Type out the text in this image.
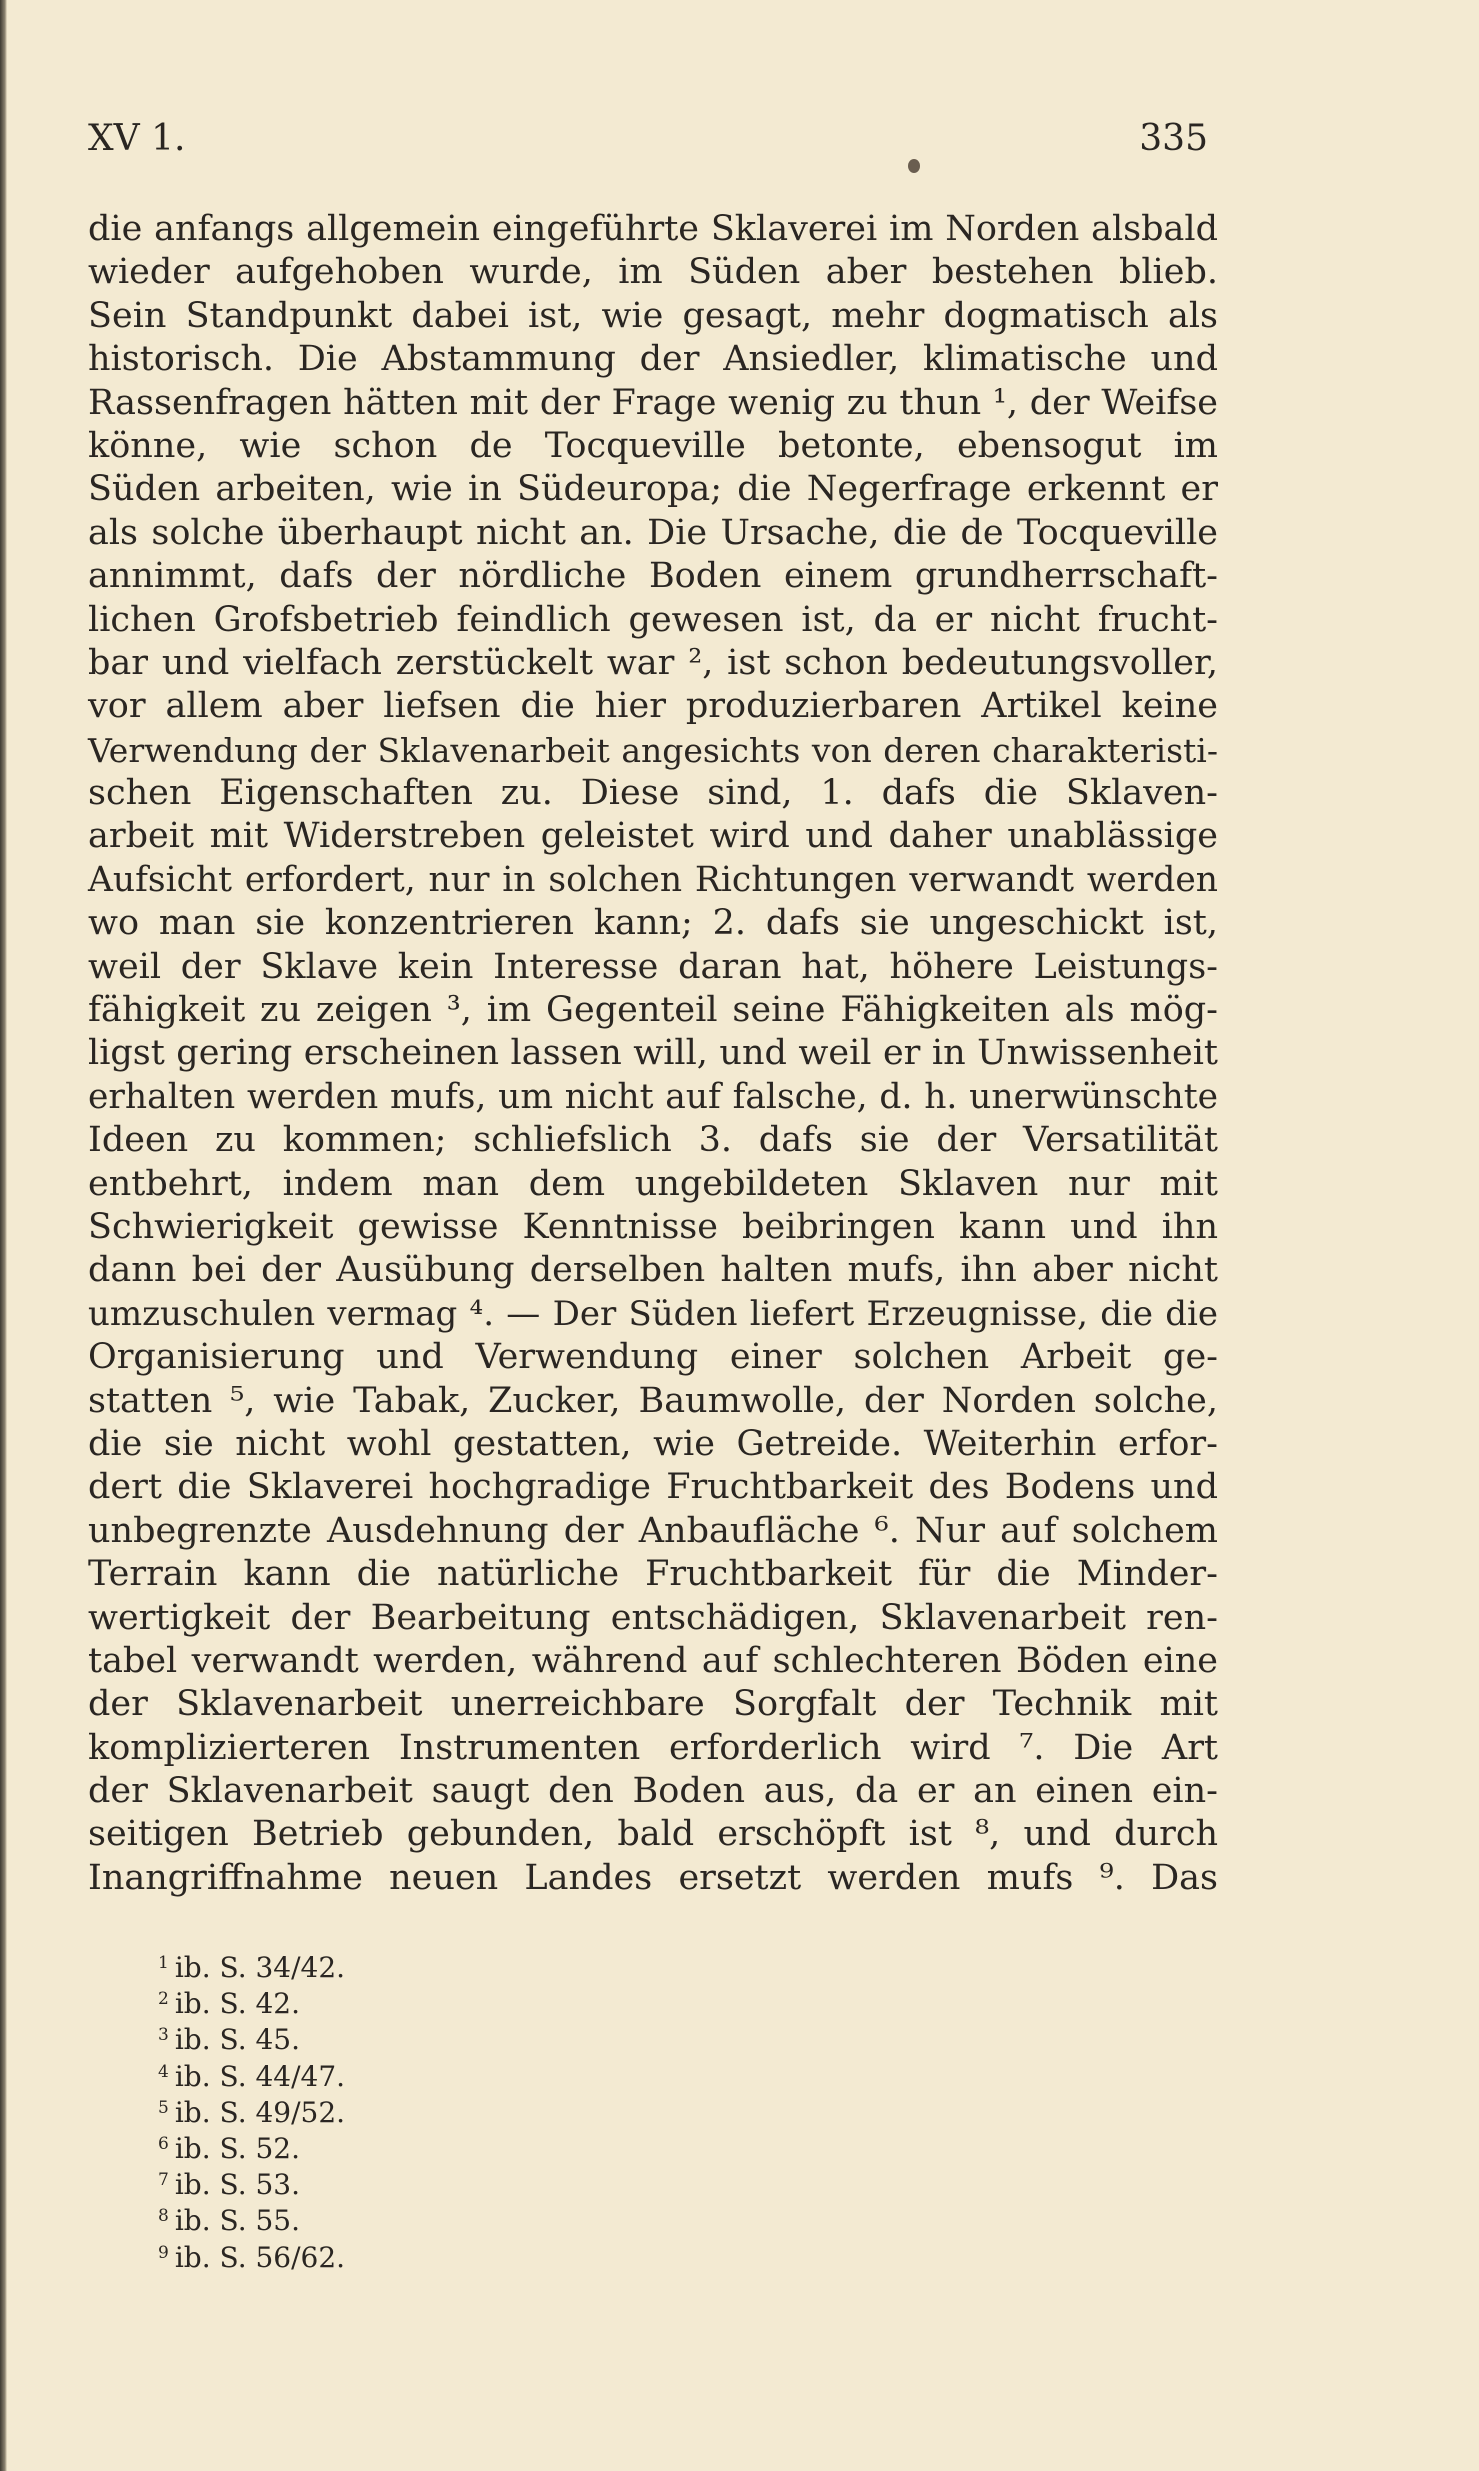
XV 1.	335
die anfangs allgemein eingeführte Sklaverei im Norden alsbald
wieder aufgehoben wurde, im Süden aber bestehen blieb.
Sein Standpunkt dabei ist, wie gesagt, mehr dogmatisch als
historisch. Die Abstammung der Ansiedler, klimatische und
Rassenfragen hätten mit der Frage wenig zu thun ¹, der Weifse
könne, wie schon de Tocqueville betonte, ebensogut im
Süden arbeiten, wie in Südeuropa; die Negerfrage erkennt er
als solche überhaupt nicht an. Die Ursache, die de Tocqueville
annimmt, dafs der nördliche Boden einem grundherrschaft-
lichen Grofsbetrieb feindlich gewesen ist, da er nicht frucht-
bar und vielfach zerstückelt war ², ist schon bedeutungsvoller,
vor allem aber liefsen die hier produzierbaren Artikel keine
Verwendung der Sklavenarbeit angesichts von deren charakteristi-
schen Eigenschaften zu. Diese sind, 1. dafs die Sklaven-
arbeit mit Widerstreben geleistet wird und daher unablässige
Aufsicht erfordert, nur in solchen Richtungen verwandt werden
wo man sie konzentrieren kann; 2. dafs sie ungeschickt ist,
weil der Sklave kein Interesse daran hat, höhere Leistungs-
fähigkeit zu zeigen ³, im Gegenteil seine Fähigkeiten als mög-
ligst gering erscheinen lassen will, und weil er in Unwissenheit
erhalten werden mufs, um nicht auf falsche, d. h. unerwünschte
Ideen zu kommen; schliefslich 3. dafs sie der Versatilität
entbehrt, indem man dem ungebildeten Sklaven nur mit
Schwierigkeit gewisse Kenntnisse beibringen kann und ihn
dann bei der Ausübung derselben halten mufs, ihn aber nicht
umzuschulen vermag ⁴. — Der Süden liefert Erzeugnisse, die die
Organisierung und Verwendung einer solchen Arbeit ge-
statten ⁵, wie Tabak, Zucker, Baumwolle, der Norden solche,
die sie nicht wohl gestatten, wie Getreide. Weiterhin erfor-
dert die Sklaverei hochgradige Fruchtbarkeit des Bodens und
unbegrenzte Ausdehnung der Anbaufläche ⁶. Nur auf solchem
Terrain kann die natürliche Fruchtbarkeit für die Minder-
wertigkeit der Bearbeitung entschädigen, Sklavenarbeit ren-
tabel verwandt werden, während auf schlechteren Böden eine
der Sklavenarbeit unerreichbare Sorgfalt der Technik mit
komplizierteren Instrumenten erforderlich wird ⁷. Die Art
der Sklavenarbeit saugt den Boden aus, da er an einen ein-
seitigen Betrieb gebunden, bald erschöpft ist ⁸, und durch
Inangriffnahme neuen Landes ersetzt werden mufs ⁹. Das
$^1$ ib. S. 34/42.
$^2$ ib. S. 42.
$^3$ ib. S. 45.
$^4$ ib. S. 44/47.
$^5$ ib. S. 49/52.
$^6$ ib. S. 52.
$^7$ ib. S. 53.
$^8$ ib. S. 55.
$^9$ ib. S. 56/62.
